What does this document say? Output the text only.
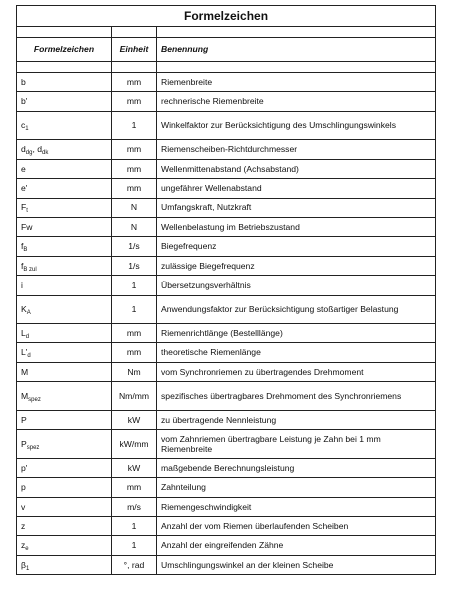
Formelzeichen		

Formelzeichen	Einheit	Benennung

b	mm	Riemenbreite
b'	mm	rechnerische Riemenbreite
$c_1$	1	Winkelfaktor zur Berücksichtigung des Umschlingungswinkels
$d_{dg}$, $d_{dk}$	mm	Riemenscheiben-Richtdurchmesser
e	mm	Wellenmittenabstand (Achsabstand)
e'	mm	ungefährer Wellenabstand
$F_t$	N	Umfangskraft, Nutzkraft
Fw	N	Wellenbelastung im Betriebszustand
$f_B$	1/s	Biegefrequenz
$f_{B zul}$	1/s	zulässige Biegefrequenz
i	1	Übersetzungsverhältnis
$K_A$	1	Anwendungsfaktor zur Berücksichtigung stoßartiger Belastung
$L_d$	mm	Riemenrichtlänge (Bestelllänge)
$L'_d$	mm	theoretische Riemenlänge
M	Nm	vom Synchronriemen zu übertragendes Drehmoment
$M_{spez}$	Nm/mm	spezifisches übertragbares Drehmoment des Synchronriemens
P	kW	zu übertragende Nennleistung
$P_{spez}$	kW/mm	vom Zahnriemen übertragbare Leistung je Zahn bei 1 mm Riemenbreite
p'	kW	maßgebende Berechnungsleistung
p	mm	Zahnteilung
v	m/s	Riemengeschwindigkeit
z	1	Anzahl der vom Riemen überlaufenden Scheiben
$z_e$	1	Anzahl der eingreifenden Zähne
$\beta_1$	°, rad	Umschlingungswinkel an der kleinen Scheibe
